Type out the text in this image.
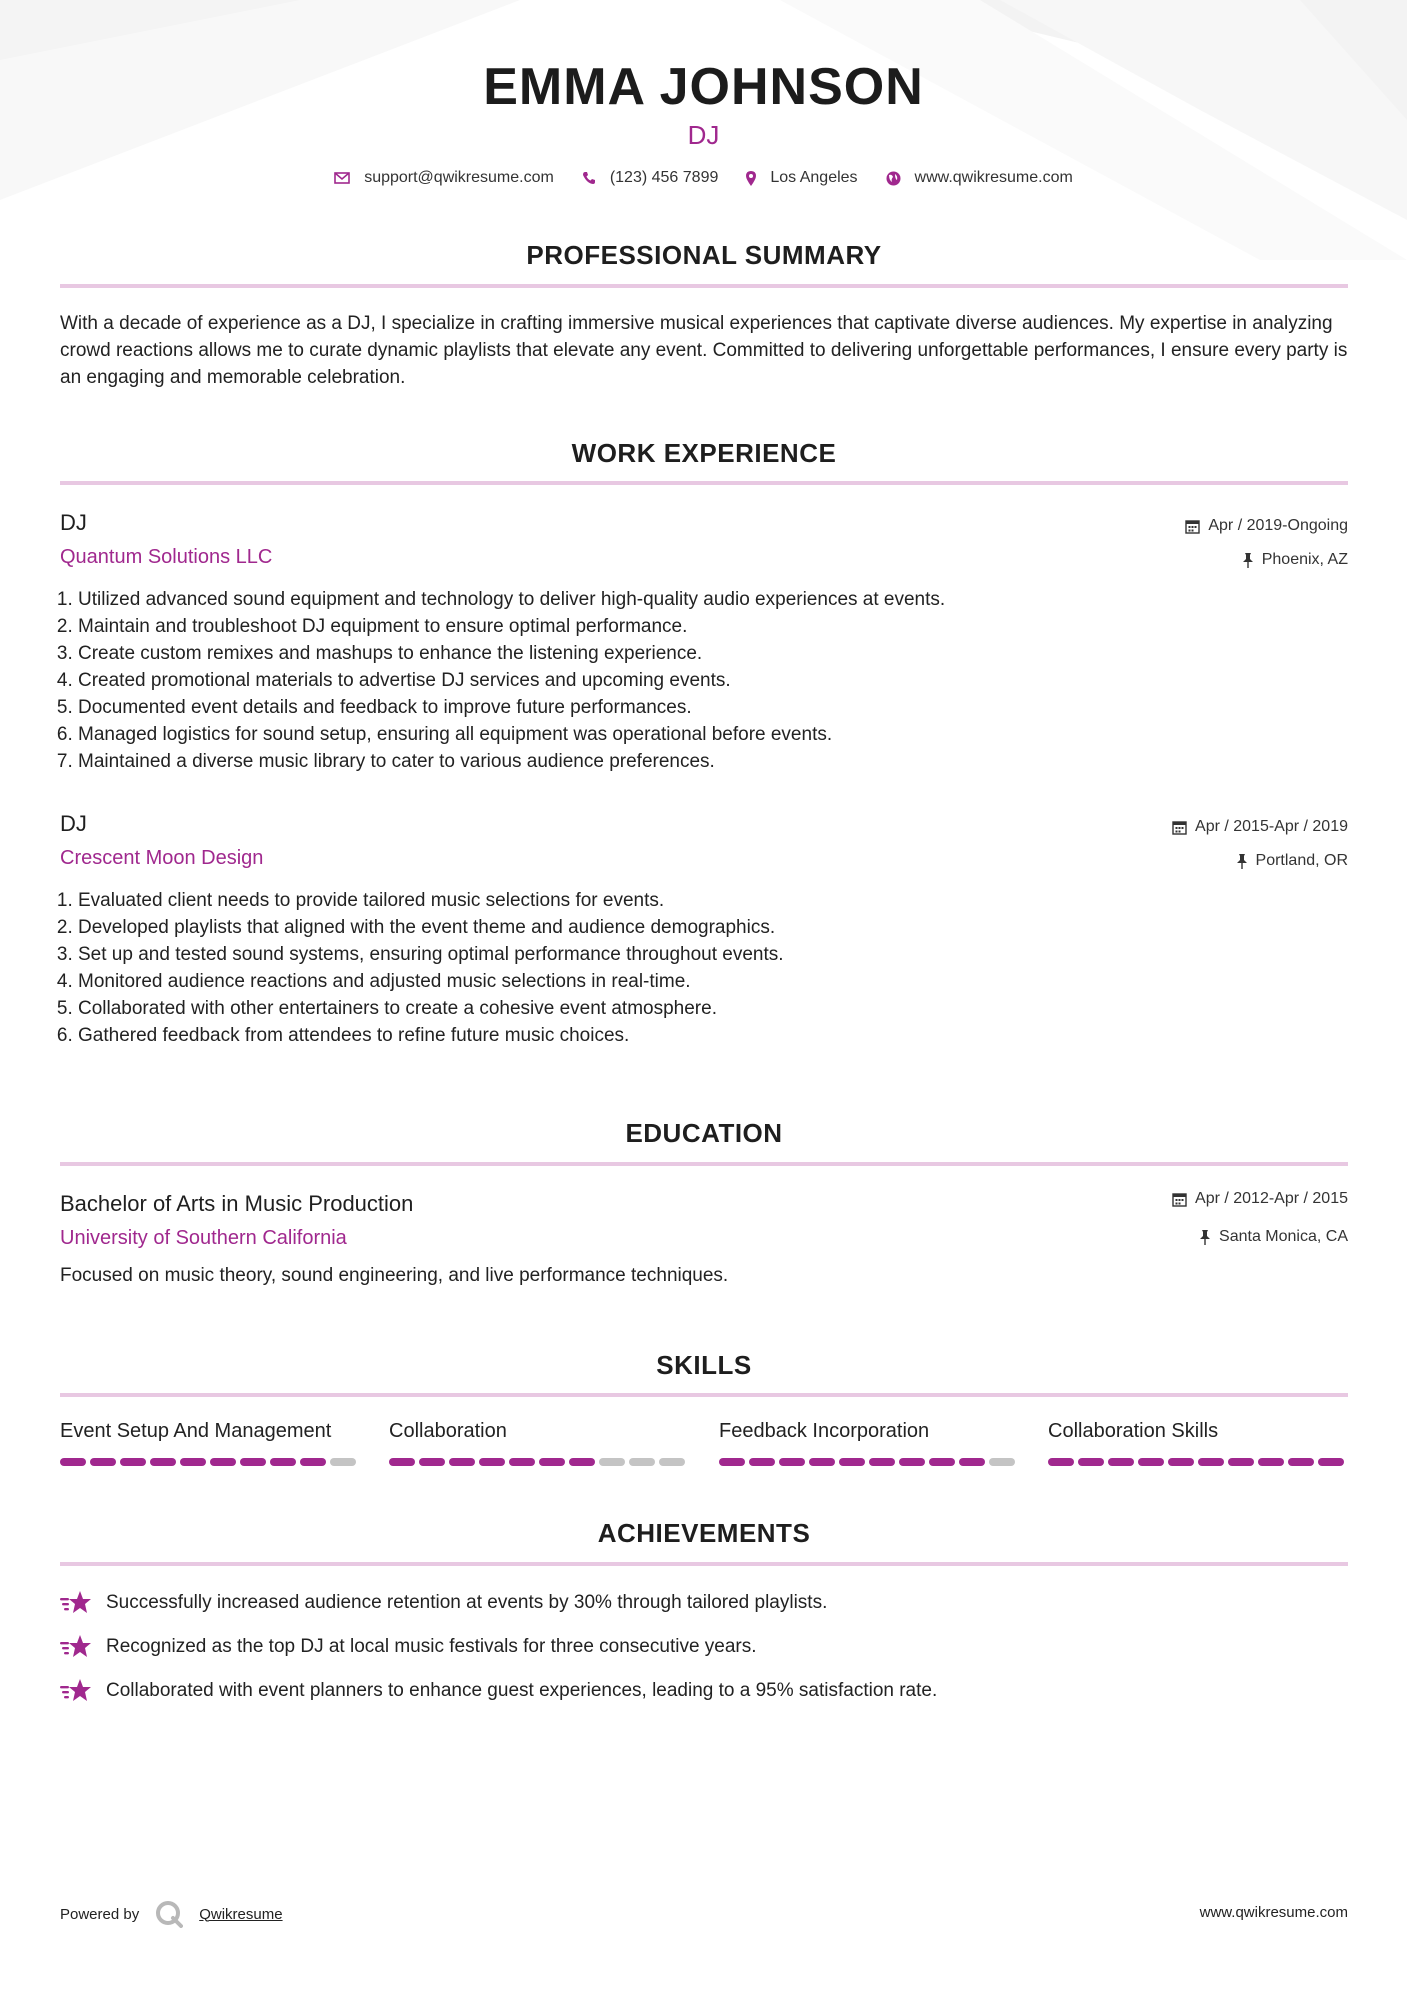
EMMA JOHNSON
DJ
support@qwikresume.com	(123) 456 7899	Los Angeles	www.qwikresume.com
PROFESSIONAL SUMMARY
With a decade of experience as a DJ, I specialize in crafting immersive musical experiences that captivate diverse audiences. My expertise in analyzing crowd reactions allows me to curate dynamic playlists that elevate any event. Committed to delivering unforgettable performances, I ensure every party is an engaging and memorable celebration.
WORK EXPERIENCE
DJ
Quantum Solutions LLC
Apr / 2019-Ongoing
Phoenix, AZ
1. Utilized advanced sound equipment and technology to deliver high-quality audio experiences at events.
2. Maintain and troubleshoot DJ equipment to ensure optimal performance.
3. Create custom remixes and mashups to enhance the listening experience.
4. Created promotional materials to advertise DJ services and upcoming events.
5. Documented event details and feedback to improve future performances.
6. Managed logistics for sound setup, ensuring all equipment was operational before events.
7. Maintained a diverse music library to cater to various audience preferences.
DJ
Crescent Moon Design
Apr / 2015-Apr / 2019
Portland, OR
1. Evaluated client needs to provide tailored music selections for events.
2. Developed playlists that aligned with the event theme and audience demographics.
3. Set up and tested sound systems, ensuring optimal performance throughout events.
4. Monitored audience reactions and adjusted music selections in real-time.
5. Collaborated with other entertainers to create a cohesive event atmosphere.
6. Gathered feedback from attendees to refine future music choices.
EDUCATION
Bachelor of Arts in Music Production
University of Southern California
Apr / 2012-Apr / 2015
Santa Monica, CA
Focused on music theory, sound engineering, and live performance techniques.
SKILLS
Event Setup And Management	Collaboration	Feedback Incorporation	Collaboration Skills
ACHIEVEMENTS
Successfully increased audience retention at events by 30% through tailored playlists.
Recognized as the top DJ at local music festivals for three consecutive years.
Collaborated with event planners to enhance guest experiences, leading to a 95% satisfaction rate.
Powered by	Qwikresume	www.qwikresume.com
